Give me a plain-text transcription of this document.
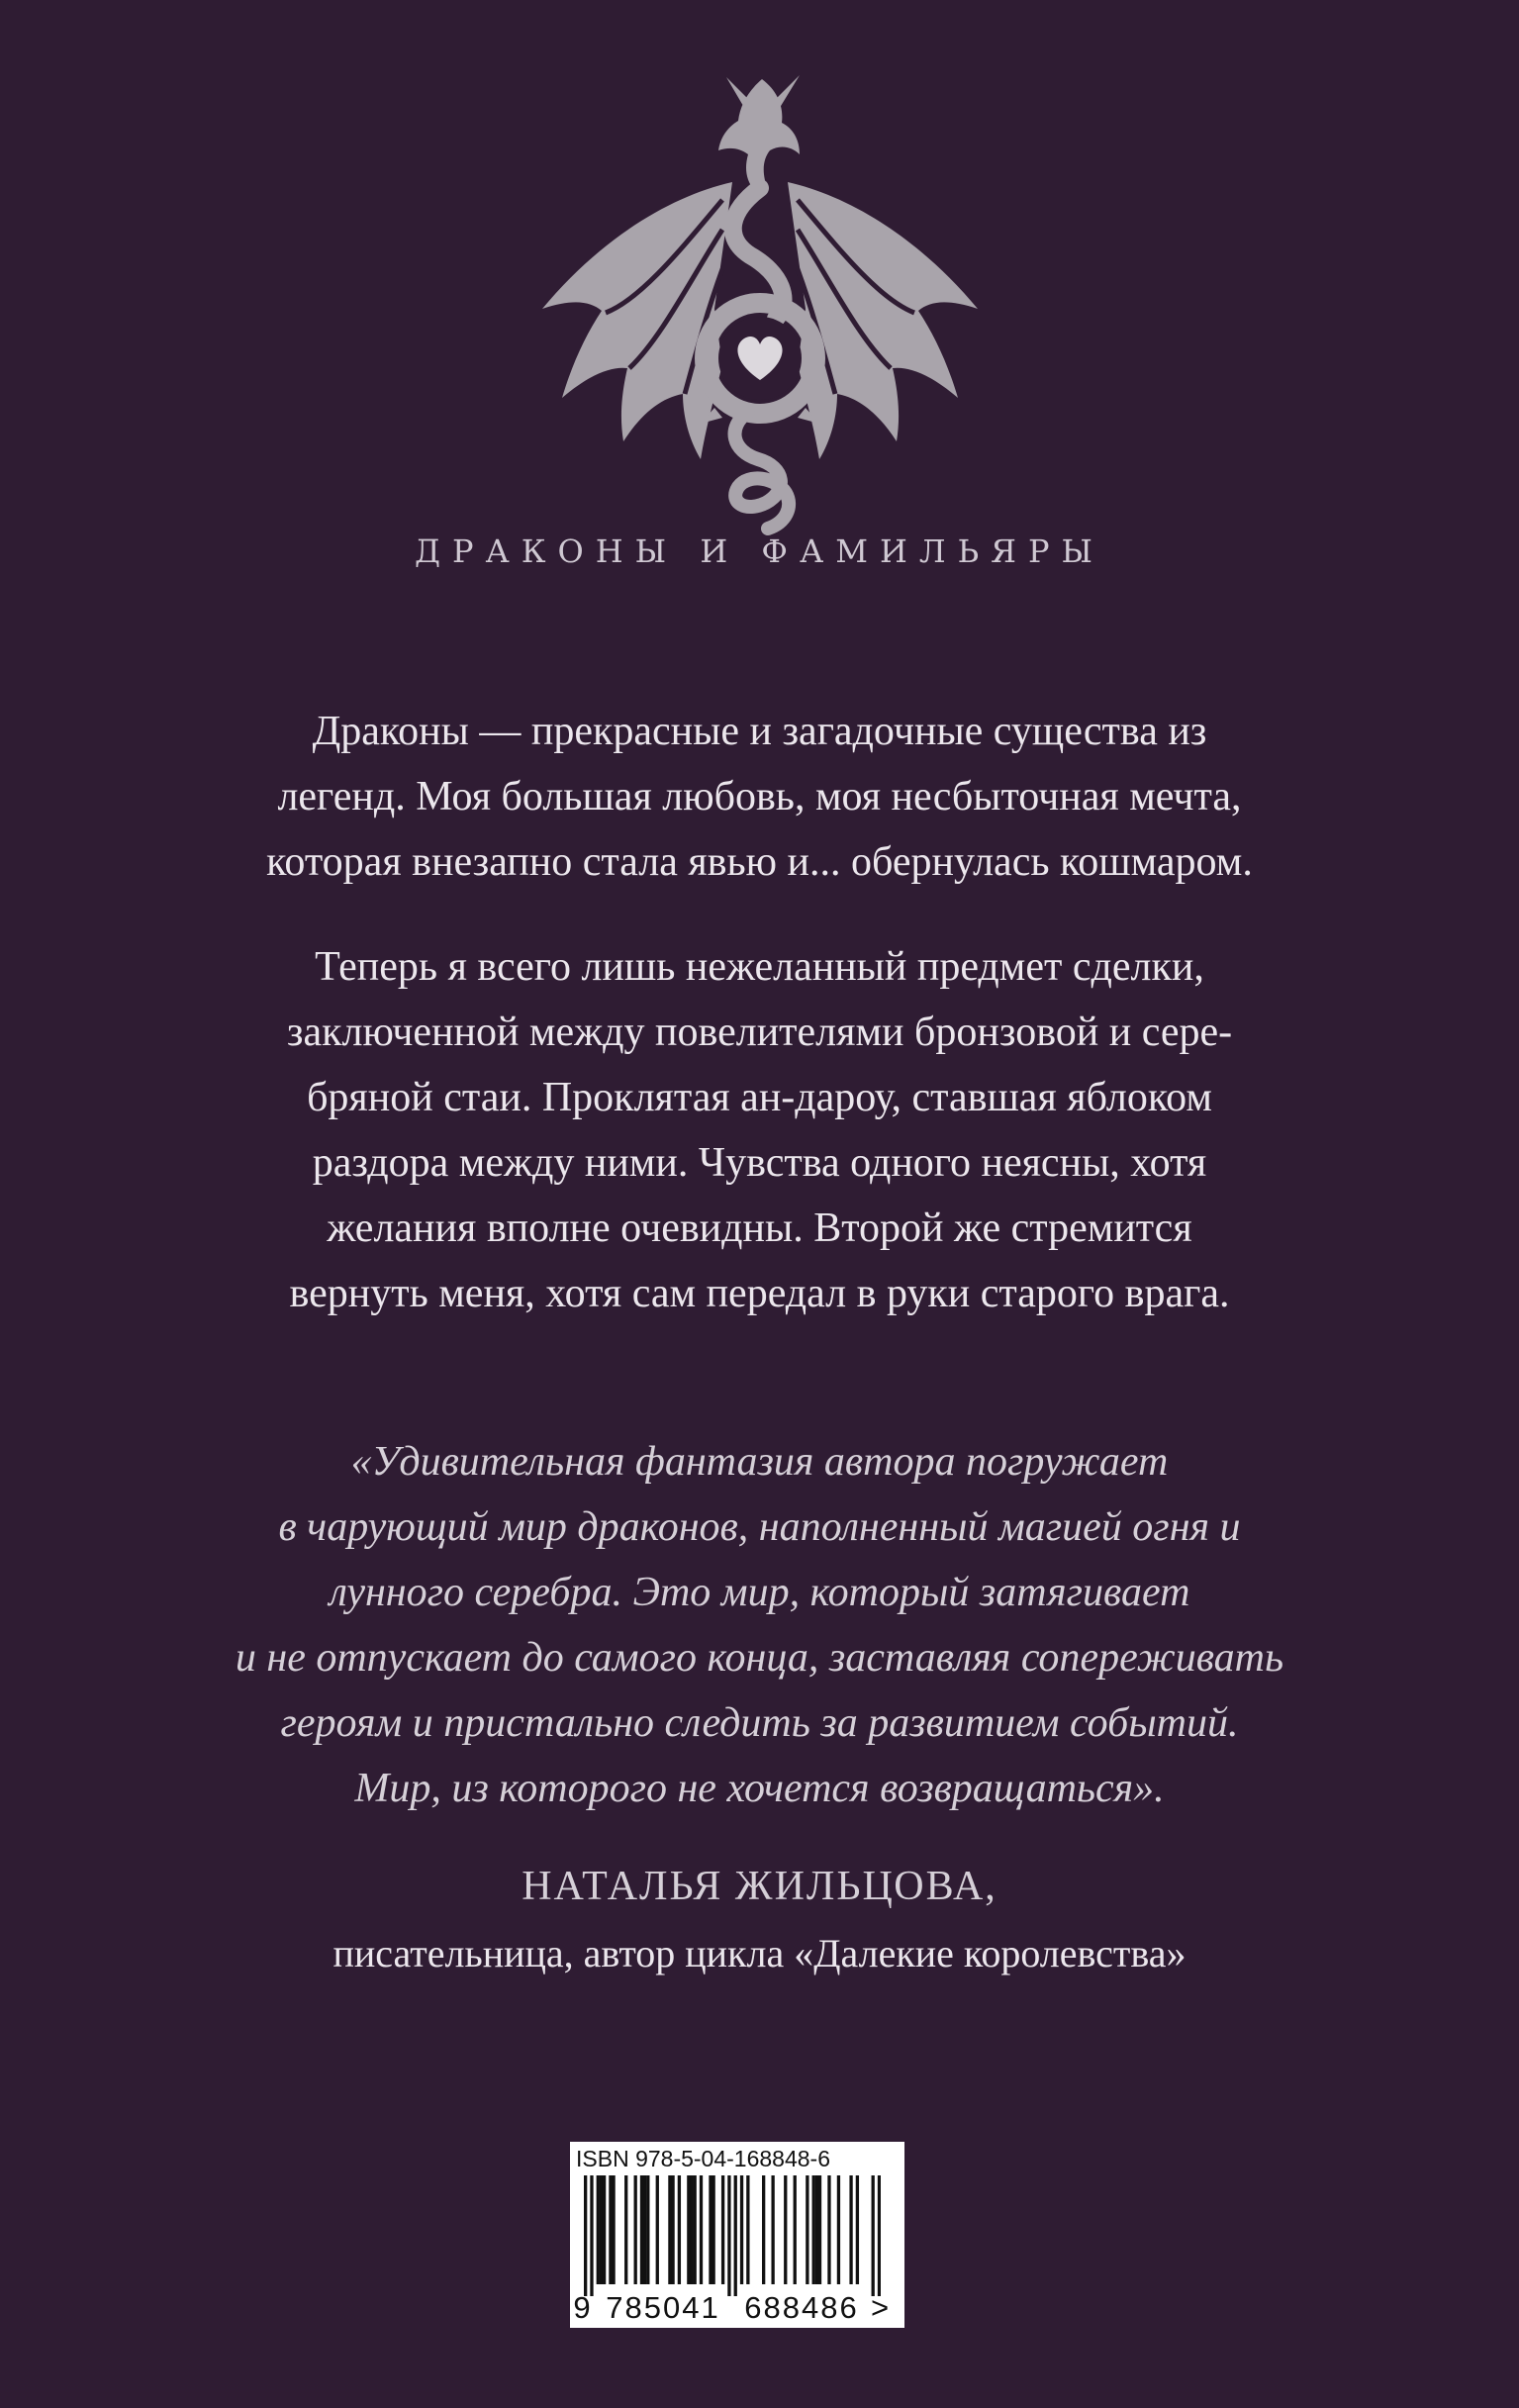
ДРАКОНЫ И ФАМИЛЬЯРЫ

Драконы — прекрасные и загадочные существа из

легенд. Моя большая любовь, моя несбыточная мечта,

которая внезапно стала явью и... обернулась кошмаром.

Теперь я всего лишь нежеланный предмет сделки,

заключенной между повелителями бронзовой и сере-

бряной стаи. Проклятая ан-дароу, ставшая яблоком

раздора между ними. Чувства одного неясны, хотя

желания вполне очевидны. Второй же стремится

вернуть меня, хотя сам передал в руки старого врага.

«Удивительная фантазия автора погружает

в чарующий мир драконов, наполненный магией огня и

лунного серебра. Это мир, который затягивает

и не отпускает до самого конца, заставляя сопереживать

героям и пристально следить за развитием событий.

Мир, из которого не хочется возвращаться».

НАТАЛЬЯ ЖИЛЬЦОВА,
писательница, автор цикла «Далекие королевства»
ISBN 978-5-04-168848-6
9 785041 688486 >
